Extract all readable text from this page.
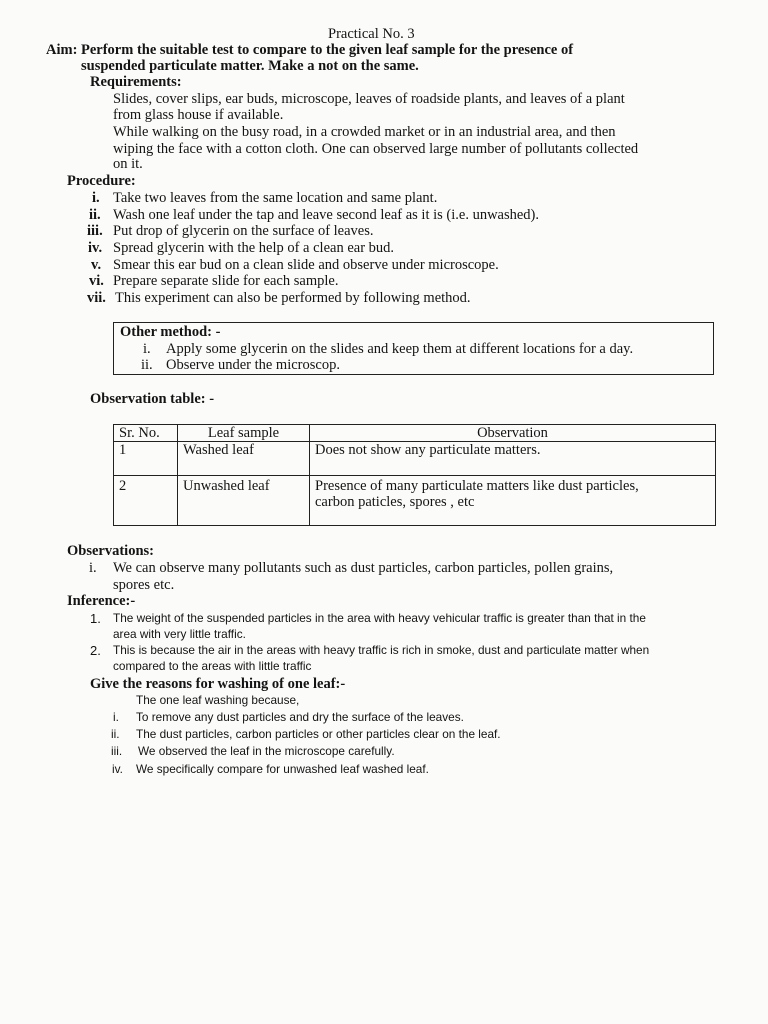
Practical No. 3
Aim: Perform the suitable test to compare to the given leaf sample for the presence of
suspended particulate matter. Make a not on the same.
Requirements:
Slides, cover slips, ear buds, microscope, leaves of roadside plants, and leaves of a plant
from glass house if available.
While walking on the busy road, in a crowded market or in an industrial area, and then
wiping the face with a cotton cloth. One can observed large number of pollutants collected
on it.
Procedure:
i. Take two leaves from the same location and same plant.
ii. Wash one leaf under the tap and leave second leaf as it is (i.e. unwashed).
iii. Put drop of glycerin on the surface of leaves.
iv. Spread glycerin with the help of a clean ear bud.
v. Smear this ear bud on a clean slide and observe under microscope.
vi. Prepare separate slide for each sample.
vii. This experiment can also be performed by following method.
Other method: -
i. Apply some glycerin on the slides and keep them at different locations for a day.
ii. Observe under the microscop.
Observation table: -
Sr. No.	Leaf sample	Observation
1	Washed leaf	Does not show any particulate matters.

2	Unwashed leaf	Presence of many particulate matters like dust particles,
carbon paticles, spores , etc
Observations:
i. We can observe many pollutants such as dust particles, carbon particles, pollen grains,
spores etc.
Inference:-
1. The weight of the suspended particles in the area with heavy vehicular traffic is greater than that in the
area with very little traffic.
2. This is because the air in the areas with heavy traffic is rich in smoke, dust and particulate matter when
compared to the areas with little traffic
Give the reasons for washing of one leaf:-
The one leaf washing because,
i. To remove any dust particles and dry the surface of the leaves.
ii. The dust particles, carbon particles or other particles clear on the leaf.
iii. We observed the leaf in the microscope carefully.
iv. We specifically compare for unwashed leaf washed leaf.
